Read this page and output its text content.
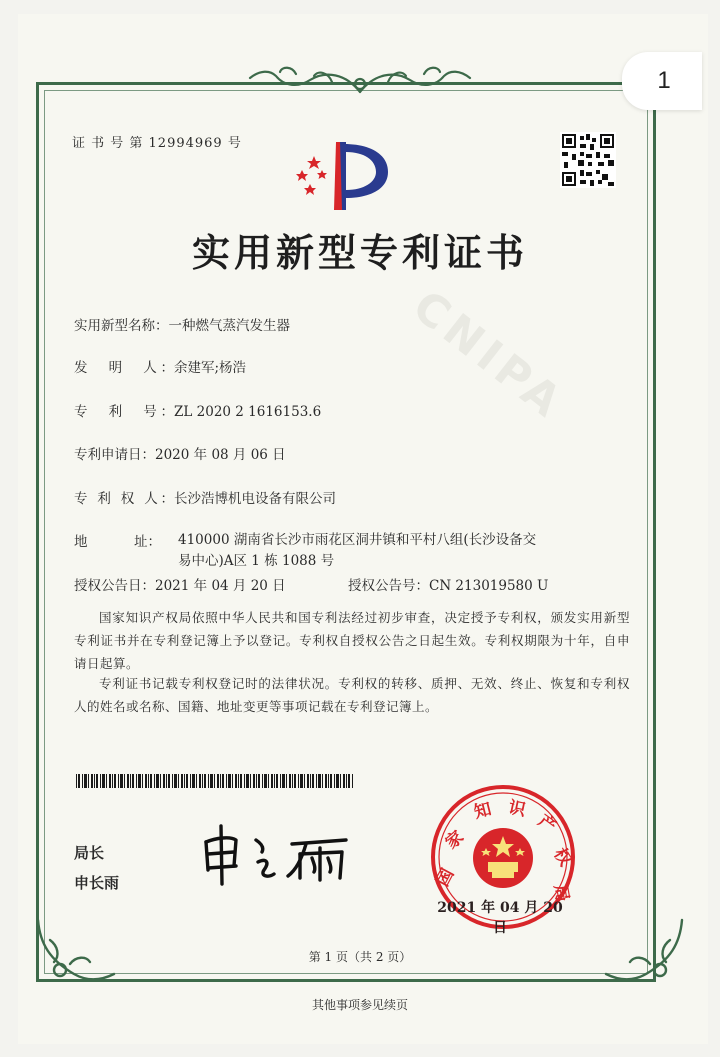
CNIPA
1
证 书 号 第 12994969 号
实用新型专利证书
实用新型名称：一种燃气蒸汽发生器
发　明　人：余建军;杨浩
专　利　号：ZL 2020 2 1616153.6
专利申请日：2020 年 08 月 06 日
专 利 权 人：长沙浩博机电设备有限公司
地	址：	410000 湖南省长沙市雨花区洞井镇和平村八组(长沙设备交易中心)A区 1 栋 1088 号
授权公告日：2021 年 04 月 20 日	授权公告号：CN 213019580 U
国家知识产权局依照中华人民共和国专利法经过初步审查，决定授予专利权，颁发实用新型专利证书并在专利登记簿上予以登记。专利权自授权公告之日起生效。专利权期限为十年，自申请日起算。
专利证书记载专利权登记时的法律状况。专利权的转移、质押、无效、终止、恢复和专利权人的姓名或名称、国籍、地址变更等事项记载在专利登记簿上。
局长
申长雨	国
家
知 识
产
权
局
2021 年 04 月 20 日
第 1 页（共 2 页）
其他事项参见续页
